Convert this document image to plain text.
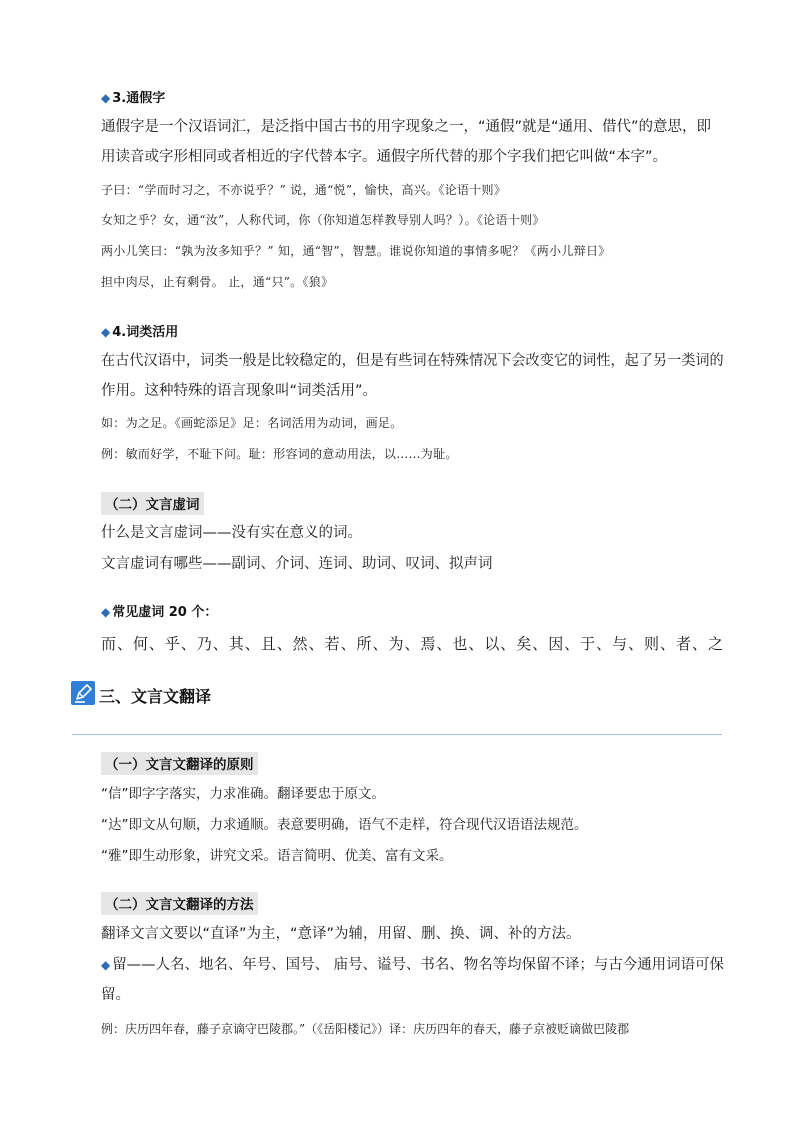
◆ 3.通假字
通假字是一个汉语词汇，是泛指中国古书的用字现象之一，“通假”就是“通用、借代”的意思，即
用读音或字形相同或者相近的字代替本字。通假字所代替的那个字我们把它叫做“本字”。
子曰：“学而时习之，不亦说乎？” 说，通“悦”，愉快，高兴。《论语十则》
女知之乎？女，通“汝”，人称代词，你（你知道怎样教导别人吗？）。《论语十则》
两小儿笑曰：“孰为汝多知乎？” 知，通“智”，智慧。谁说你知道的事情多呢？《两小儿辩日》
担中肉尽，止有剩骨。 止，通“只”。《狼》
◆ 4.词类活用
在古代汉语中，词类一般是比较稳定的，但是有些词在特殊情况下会改变它的词性，起了另一类词的
作用。这种特殊的语言现象叫“词类活用”。
如：为之足。《画蛇添足》足：名词活用为动词，画足。
例：敏而好学，不耻下问。耻：形容词的意动用法，以……为耻。
（二）文言虚词
什么是文言虚词——没有实在意义的词。
文言虚词有哪些——副词、介词、连词、助词、叹词、拟声词
◆ 常见虚词 20 个：
而、何、乎、乃、其、且、然、若、所、为、焉、也、以、矣、因、于、与、则、者、之
三、文言文翻译
（一）文言文翻译的原则
“信”即字字落实，力求准确。翻译要忠于原文。
“达”即文从句顺，力求通顺。表意要明确，语气不走样，符合现代汉语语法规范。
“雅”即生动形象，讲究文采。语言简明、优美、富有文采。
（二）文言文翻译的方法
翻译文言文要以“直译”为主，“意译”为辅，用留、删、换、调、补的方法。
◆ 留——人名、地名、年号、国号、 庙号、谥号、书名、物名等均保留不译；与古今通用词语可保
留。
例：庆历四年春，藤子京谪守巴陵郡。”（《岳阳楼记》）译：庆历四年的春天，藤子京被贬谪做巴陵郡
